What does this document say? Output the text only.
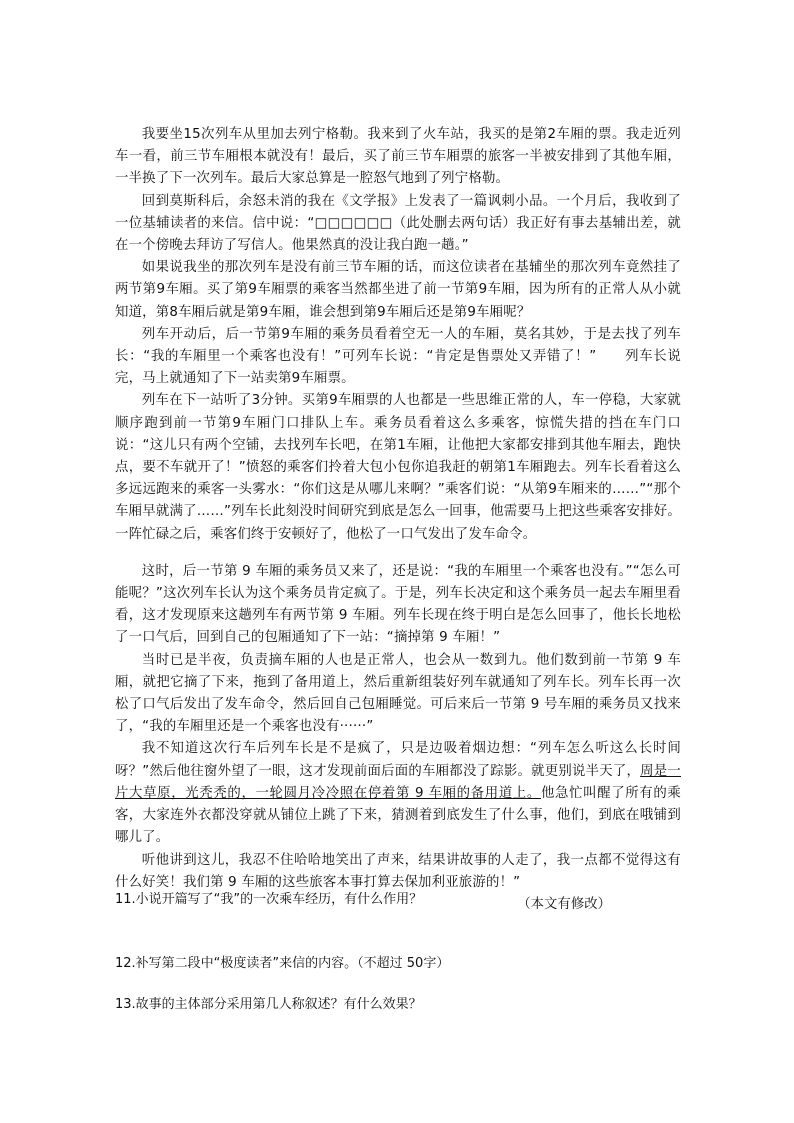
我要坐15次列车从里加去列宁格勒。我来到了火车站，我买的是第2车厢的票。我走近列车一看，前三节车厢根本就没有！最后，买了前三节车厢票的旅客一半被安排到了其他车厢，一半换了下一次列车。最后大家总算是一腔怒气地到了列宁格勒。

回到莫斯科后，余怒未消的我在《文学报》上发表了一篇讽刺小品。一个月后，我收到了一位基辅读者的来信。信中说：“□□□□□□（此处删去两句话）我正好有事去基辅出差，就在一个傍晚去拜访了写信人。他果然真的没让我白跑一趟。”

如果说我坐的那次列车是没有前三节车厢的话，而这位读者在基辅坐的那次列车竟然挂了两节第9车厢。买了第9车厢票的乘客当然都坐进了前一节第9车厢，因为所有的正常人从小就知道，第8车厢后就是第9车厢，谁会想到第9车厢后还是第9车厢呢？

列车开动后，后一节第9车厢的乘务员看着空无一人的车厢，莫名其妙，于是去找了列车长：“我的车厢里一个乘客也没有！”可列车长说：“肯定是售票处又弄错了！”　　列车长说完，马上就通知了下一站卖第9车厢票。

列车在下一站听了3分钟。买第9车厢票的人也都是一些思维正常的人，车一停稳，大家就顺序跑到前一节第9车厢门口排队上车。乘务员看着这么多乘客，惊慌失措的挡在车门口说：“这儿只有两个空铺，去找列车长吧，在第1车厢，让他把大家都安排到其他车厢去，跑快点，要不车就开了！”愤怒的乘客们拎着大包小包你追我赶的朝第1车厢跑去。列车长看着这么多远远跑来的乘客一头雾水：“你们这是从哪儿来啊？”乘客们说：“从第9车厢来的……”“那个车厢早就满了……”列车长此刻没时间研究到底是怎么一回事，他需要马上把这些乘客安排好。一阵忙碌之后，乘客们终于安顿好了，他松了一口气发出了发车命令。

这时，后一节第 9 车厢的乘务员又来了，还是说：“我的车厢里一个乘客也没有。”“怎么可能呢？”这次列车长认为这个乘务员肯定疯了。于是，列车长决定和这个乘务员一起去车厢里看看，这才发现原来这趟列车有两节第 9 车厢。列车长现在终于明白是怎么回事了，他长长地松了一口气后，回到自己的包厢通知了下一站：“摘掉第 9 车厢！”

当时已是半夜，负责摘车厢的人也是正常人，也会从一数到九。他们数到前一节第 9 车厢，就把它摘了下来，拖到了备用道上，然后重新组装好列车就通知了列车长。列车长再一次松了口气后发出了发车命令，然后回自己包厢睡觉。可后来后一节第 9 号车厢的乘务员又找来了，“我的车厢里还是一个乘客也没有······”

我不知道这次行车后列车长是不是疯了，只是边吸着烟边想：“列车怎么听这么长时间呀？”然后他往窗外望了一眼，这才发现前面后面的车厢都没了踪影。就更别说半天了，周是一片大草原，光秃秃的，一轮圆月冷冷照在停着第 9 车厢的备用道上。他急忙叫醒了所有的乘客，大家连外衣都没穿就从铺位上跳了下来，猜测着到底发生了什么事，他们，到底在哦铺到哪儿了。

听他讲到这儿，我忍不住哈哈地笑出了声来，结果讲故事的人走了，我一点都不觉得这有什么好笑！我们第 9 车厢的这些旅客本事打算去保加利亚旅游的！”

（本文有修改）

11.小说开篇写了“我”的一次乘车经历，有什么作用？

12.补写第二段中“极度读者”来信的内容。（不超过 50字）

13.故事的主体部分采用第几人称叙述？有什么效果？
